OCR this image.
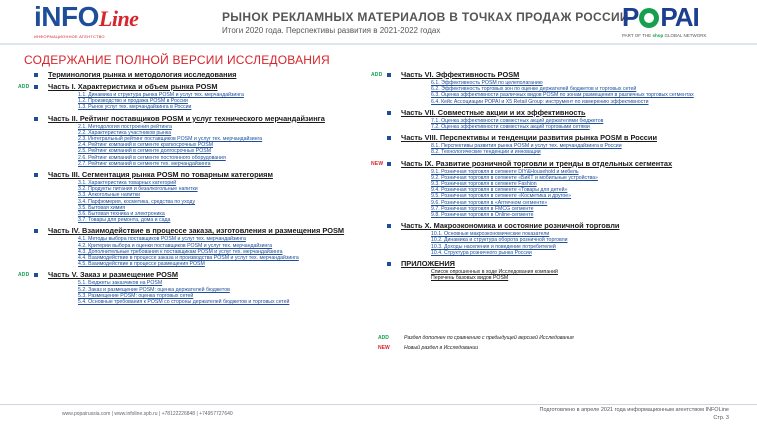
iNFOLine
ИНФОРМАЦИОННОЕ АГЕНТСТВО
РЫНОК РЕКЛАМНЫХ МАТЕРИАЛОВ В ТОЧКАХ ПРОДАЖ РОССИИ
Итоги 2020 года. Перспективы развития в 2021-2022 годах	P PAI
PART OF THE shop GLOBAL NETWORK
СОДЕРЖАНИЕ ПОЛНОЙ ВЕРСИИ ИССЛЕДОВАНИЯ
Терминология рынка и методология исследования
ADD	Часть I. Характеристика и объем рынка POSM
1.1. Динамика и структура рынка POSM и услуг тех. мерчандайзинга
1.2. Производство и продажа POSM в России
1.3. Рынок услуг тех. мерчандайзинга в России
Часть II. Рейтинг поставщиков POSM и услуг технического мерчандайзинга
2.1. Методология построения рейтинга
2.2. Характеристика участников рынка
2.3. Интегральный рейтинг поставщиков POSM и услуг тех. мерчандайзинга
2.4. Рейтинг компаний в сегменте краткосрочных POSM
2.5. Рейтинг компаний в сегменте долгосрочных POSM
2.6. Рейтинг компаний в сегменте постоянного оборудования
2.7. Рейтинг компаний в сегменте тех. мерчандайзинга
Часть III. Сегментация рынка POSM по товарным категориям
3.1. Характеристика товарных категорий
3.2. Продукты питания и безалкогольные напитки
3.3. Алкогольные напитки
3.4. Парфюмерия, косметика, средства по уходу
3.5. Бытовая химия
3.6. Бытовая техника и электроника
3.7. Товары для ремонта, дома и сада
Часть IV. Взаимодействие в процессе заказа, изготовления и размещения POSM
4.1. Методы выбора поставщиков POSM и услуг тех. мерчандайзинга
4.2. Критерии выбора и оценки поставщиков POSM и услуг тех. мерчандайзинга
4.3. Дополнительные требования к поставщикам POSM и услуг тех. мерчандайзинга
4.4. Взаимодействие в процессе заказа и производства POSM и услуг тех. мерчандайзинга
4.5. Взаимодействие в процессе размещения POSM
ADD	Часть V. Заказ и размещение POSM
5.1. Бюджеты заказчиков на POSM
5.2. Заказ и размещение POSM: оценка держателей бюджетов
5.3. Размещение POSM: оценка торговых сетей
5.4. Основные требования к POSM со стороны держателей бюджетов и торговых сетей
ADD	Часть VI. Эффективность POSM
6.1. Эффективность POSM по целеполаганию
6.2. Эффективность торговых зон по оценке держателей бюджетов и торговых сетей
6.3. Оценка эффективности различных видов POSM по зонам размещения в различных торговых сегментах
6.4. Кейс Ассоциации POPAI и X5 Retail Group: инструмент по измерению эффективности
Часть VII. Совместные акции и их эффективность
7.1. Оценка эффективности совместных акций держателями бюджетов
7.2. Оценка эффективности совместных акций торговыми сетями
Часть VIII. Перспективы и тенденции развития рынка POSM в России
8.1. Перспективы развития рынка POSM и услуг тех. мерчандайзинга в России
8.2. Технологические тенденции и инновации
NEW Часть IX. Развитие розничной торговли и тренды в отдельных сегментах
9.1. Розничная торговля в сегменте DIY&Household и мебель
9.2. Розничная торговля в сегменте «БиКТ и мобильные устройства»
9.3. Розничная торговля в сегменте Fashion
9.4. Розничная торговля в сегменте «Товары для детей»
9.5. Розничная торговля в сегменте «Косметика и другое»
9.6. Розничная торговля в «Аптечном сегменте»
9.7. Розничная торговля в FMCG сегменте
9.8. Розничная торговля в Online-сегменте
Часть X. Макроэкономика и состояние розничной торговли
10.1. Основные макроэкономические показатели
10.2. Динамика и структура оборота розничной торговли
10.3. Доходы населения и поведение потребителей
10.4. Структура розничного рынка России
ПРИЛОЖЕНИЯ
Список опрошенных в ходе Исследования компаний
Перечень базовых видов POSM
ADD	Раздел дополнен по сравнению с предыдущей версией Исследования
NEW	Новый раздел в Исследовании
www.popairussia.com | www.infoline.spb.ru | +78122226848 | +74957727640
Подготовлено в апреле 2021 года информационным агентством INFOLine
Стр. 3
